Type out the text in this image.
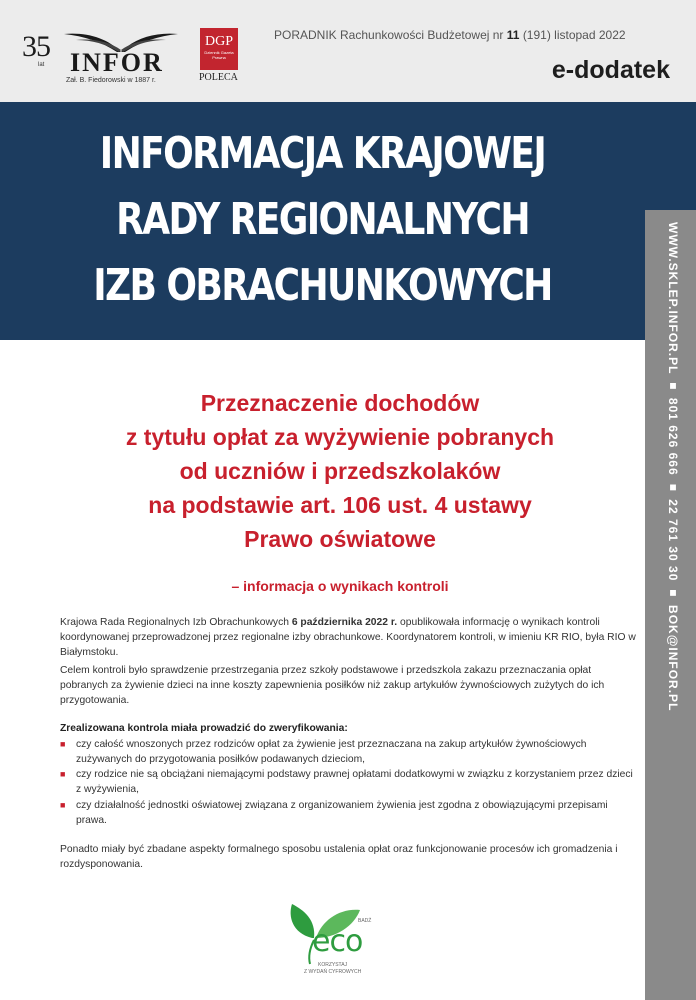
35
lat INFOR
Zał. B. Fiedorowski w 1887 r.
DGP
Dziennik Gazeta Prawna
POLECA
PORADNIK Rachunkowości Budżetowej nr 11 (191) listopad 2022
e-dodatek
INFORMACJA KRAJOWEJ
RADY REGIONALNYCH
IZB OBRACHUNKOWYCH	WWW.SKLEP.INFOR.PL ■ 801 626 666 ■ 22 761 30 30 ■ BOK@INFOR.PL
Przeznaczenie dochodów
z tytułu opłat za wyżywienie pobranych
od uczniów i przedszkolaków
na podstawie art. 106 ust. 4 ustawy
Prawo oświatowe
– informacja o wynikach kontroli
Krajowa Rada Regionalnych Izb Obrachunkowych 6 października 2022 r. opublikowała informację o wynikach kontroli koordynowanej przeprowadzonej przez regionalne izby obrachunkowe. Koordynatorem kontroli, w imieniu KR RIO, była RIO w Białymstoku.
Celem kontroli było sprawdzenie przestrzegania przez szkoły podstawowe i przedszkola zakazu przeznaczania opłat pobranych za żywienie dzieci na inne koszty zapewnienia posiłków niż zakup artykułów żywnościowych zużytych do ich przygotowania.
Zrealizowana kontrola miała prowadzić do zweryfikowania:
■ czy całość wnoszonych przez rodziców opłat za żywienie jest przeznaczana na zakup artykułów żywnościowych zużywanych do przygotowania posiłków podawanych dzieciom,
■ czy rodzice nie są obciążani niemającymi podstawy prawnej opłatami dodatkowymi w związku z korzystaniem przez dzieci z wyżywienia,
■ czy działalność jednostki oświatowej związana z organizowaniem żywienia jest zgodna z obowiązującymi przepisami prawa.
Ponadto miały być zbadane aspekty formalnego sposobu ustalenia opłat oraz funkcjonowanie procesów ich gromadzenia i rozdysponowania.
BADŹ
eco
KORZYSTAJ
Z WYDAŃ CYFROWYCH
